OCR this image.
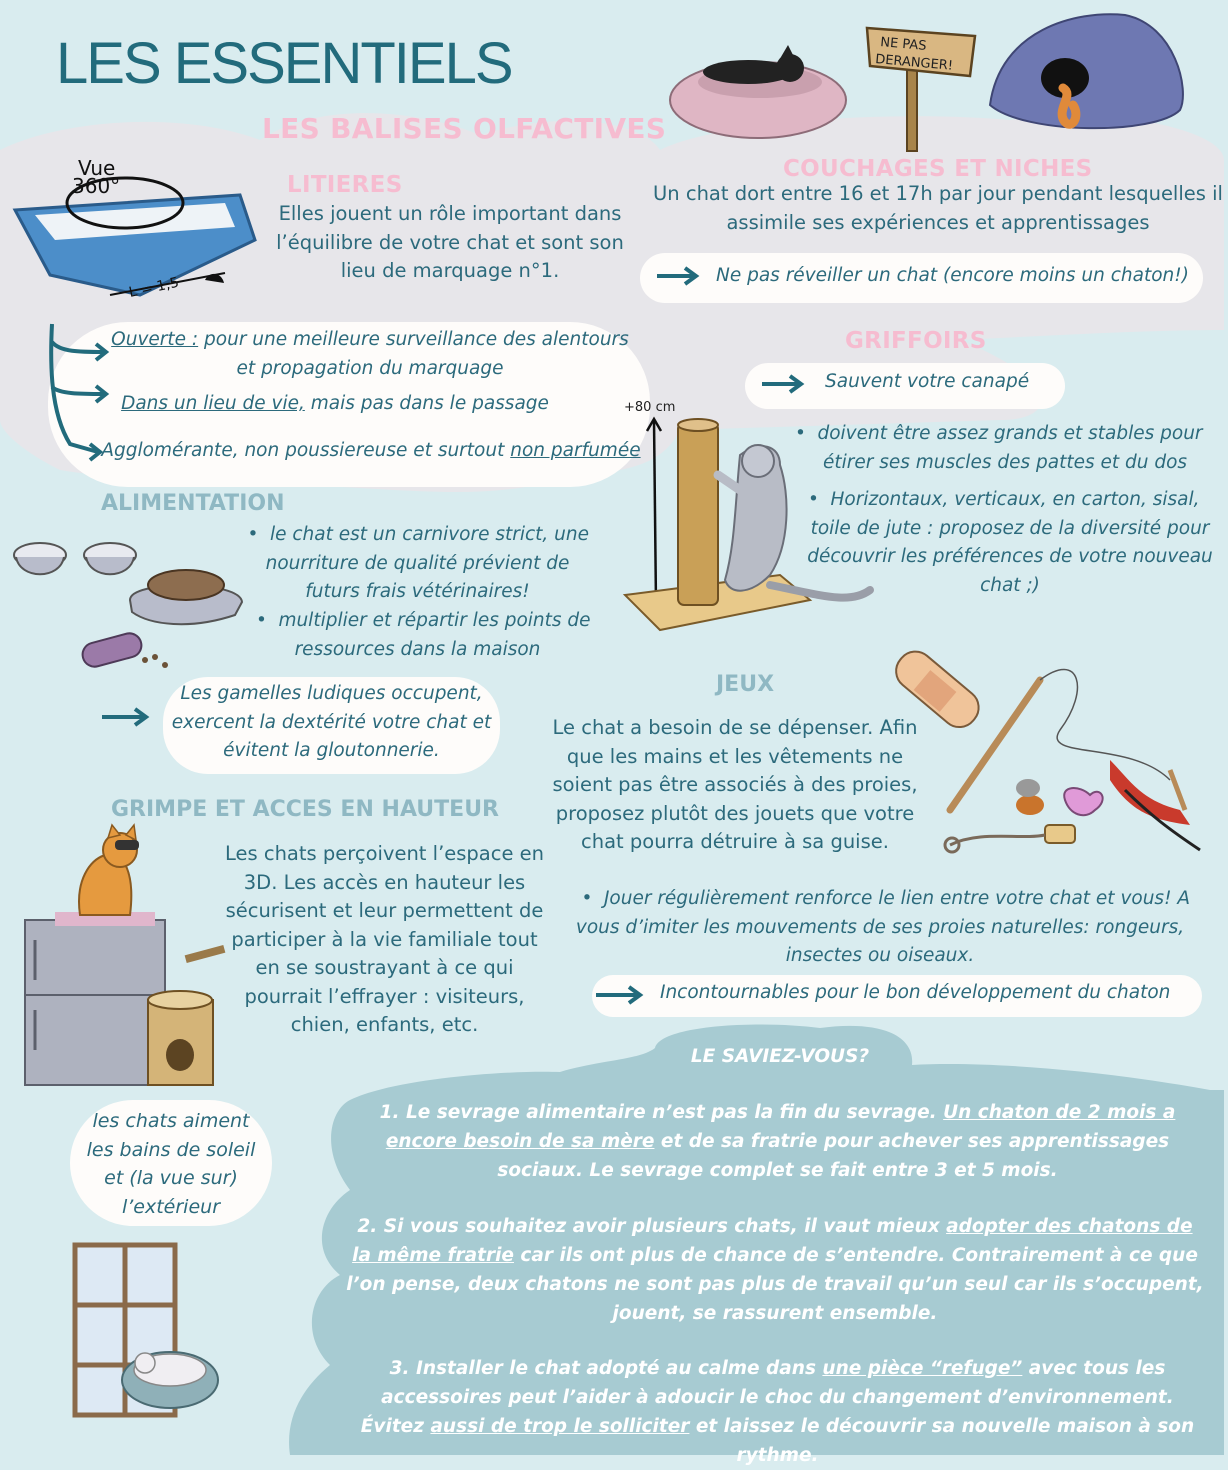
LES ESSENTIELS
LES BALISES OLFACTIVES
Vue
360°
L = 1,5
LITIERES
Elles jouent un rôle important dans l’équilibre de votre chat et sont son lieu de marquage n°1.
Ouverte : pour une meilleure surveillance des alentours et propagation du marquage
Dans un lieu de vie, mais pas dans le passage
Agglomérante, non poussiereuse et surtout non parfumée
NE PAS
DERANGER!
COUCHAGES ET NICHES
Un chat dort entre 16 et 17h par jour pendant lesquelles il assimile ses expériences et apprentissages
Ne pas réveiller un chat (encore moins un chaton!)
GRIFFOIRS
Sauvent votre canapé
+80 cm
• doivent être assez grands et stables pour étirer ses muscles des pattes et du dos
• Horizontaux, verticaux, en carton, sisal, toile de jute : proposez de la diversité pour découvrir les préférences de votre nouveau chat ;)
ALIMENTATION
• le chat est un carnivore strict, une nourriture de qualité prévient de futurs frais vétérinaires!
• multiplier et répartir les points de ressources dans la maison
Les gamelles ludiques occupent, exercent la dextérité votre chat et évitent la gloutonnerie.
JEUX
Le chat a besoin de se dépenser. Afin que les mains et les vêtements ne soient pas être associés à des proies, proposez plutôt des jouets que votre chat pourra détruire à sa guise.
• Jouer régulièrement renforce le lien entre votre chat et vous! A vous d’imiter les mouvements de ses proies naturelles: rongeurs, insectes ou oiseaux.
Incontournables pour le bon développement du chaton
GRIMPE ET ACCES EN HAUTEUR
Les chats perçoivent l’espace en 3D. Les accès en hauteur les sécurisent et leur permettent de participer à la vie familiale tout en se soustrayant à ce qui pourrait l’effrayer : visiteurs, chien, enfants, etc.
les chats aiment les bains de soleil et (la vue sur) l’extérieur
LE SAVIEZ-VOUS?
1. Le sevrage alimentaire n’est pas la fin du sevrage. Un chaton de 2 mois a encore besoin de sa mère et de sa fratrie pour achever ses apprentissages sociaux. Le sevrage complet se fait entre 3 et 5 mois.
2. Si vous souhaitez avoir plusieurs chats, il vaut mieux adopter des chatons de la même fratrie car ils ont plus de chance de s’entendre. Contrairement à ce que l’on pense, deux chatons ne sont pas plus de travail qu’un seul car ils s’occupent, jouent, se rassurent ensemble.
3. Installer le chat adopté au calme dans une pièce “refuge” avec tous les accessoires peut l’aider à adoucir le choc du changement d’environnement. Évitez aussi de trop le solliciter et laissez le découvrir sa nouvelle maison à son rythme.
